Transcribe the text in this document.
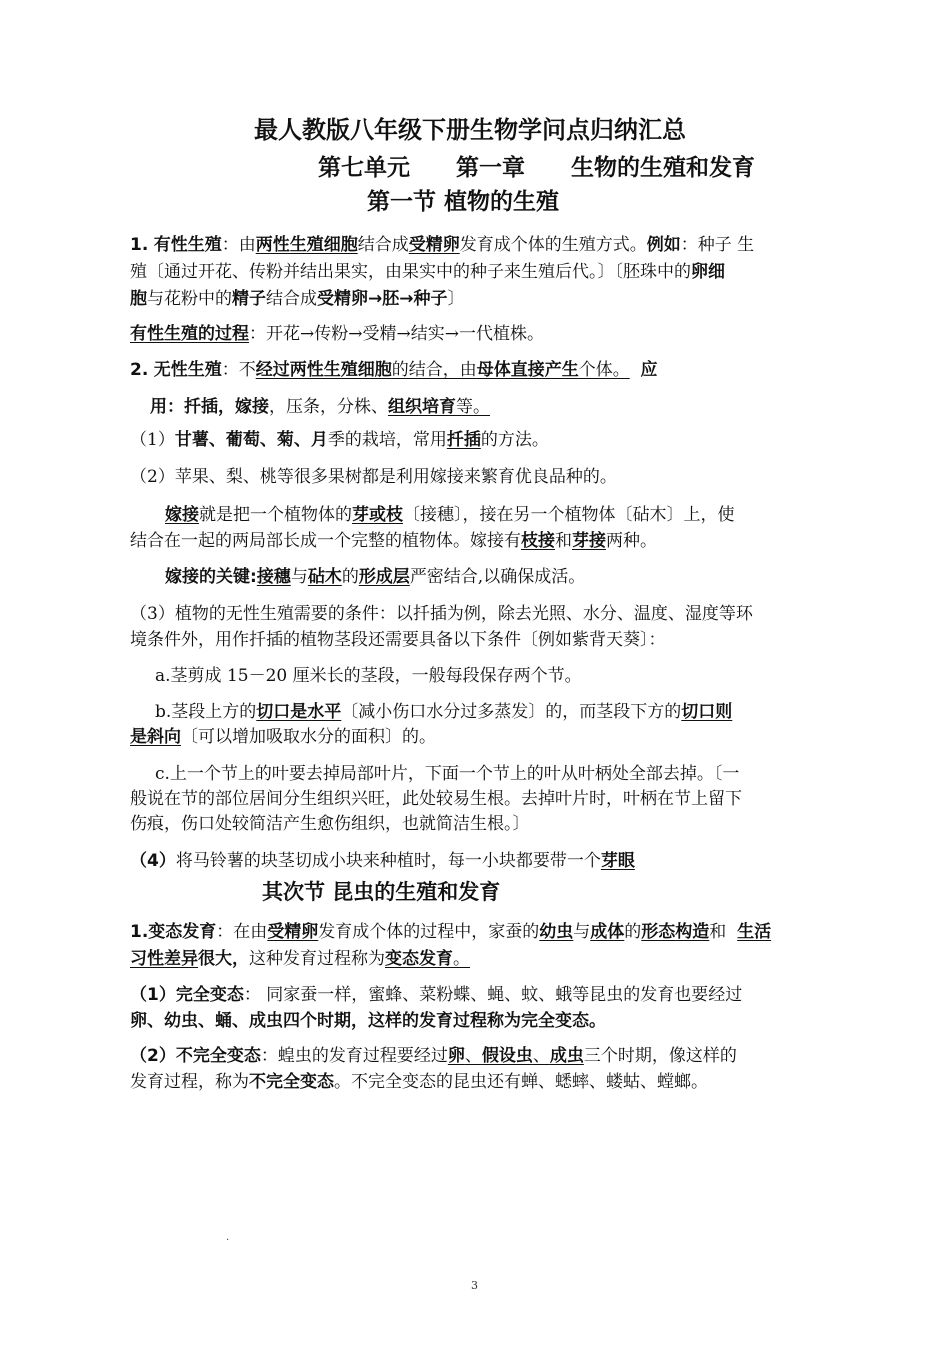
最人教版八年级下册生物学问点归纳汇总
第七单元　　第一章　　生物的生殖和发育
第一节 植物的生殖
1. 有性生殖：由两性生殖细胞结合成受精卵发育成个体的生殖方式。例如：种子 生
殖〔通过开花、传粉并结出果实，由果实中的种子来生殖后代。〕〔胚珠中的卵细
胞与花粉中的精子结合成受精卵→胚→种子〕
有性生殖的过程：开花→传粉→受精→结实→一代植株。
2. 无性生殖：不经过两性生殖细胞的结合，由母体直接产生个体。 应
用：扦插，嫁接，压条，分株、组织培育等。
（1）甘薯、葡萄、菊、月季的栽培，常用扦插的方法。
（2）苹果、梨、桃等很多果树都是利用嫁接来繁育优良品种的。
嫁接就是把一个植物体的芽或枝〔接穗〕，接在另一个植物体〔砧木〕上，使
结合在一起的两局部长成一个完整的植物体。嫁接有枝接和芽接两种。
嫁接的关键:接穗与砧木的形成层严密结合,以确保成活。
（3）植物的无性生殖需要的条件：以扦插为例，除去光照、水分、温度、湿度等环
境条件外，用作扦插的植物茎段还需要具备以下条件〔例如紫背天葵〕：
a.茎剪成 15－20 厘米长的茎段，一般每段保存两个节。
b.茎段上方的切口是水平〔减小伤口水分过多蒸发〕的，而茎段下方的切口则
是斜向〔可以增加吸取水分的面积〕的。
c.上一个节上的叶要去掉局部叶片，下面一个节上的叶从叶柄处全部去掉。〔一
般说在节的部位居间分生组织兴旺，此处较易生根。去掉叶片时，叶柄在节上留下
伤痕，伤口处较简洁产生愈伤组织，也就简洁生根。〕
（4）将马铃薯的块茎切成小块来种植时，每一小块都要带一个芽眼
其次节 昆虫的生殖和发育
1.变态发育：在由受精卵发育成个体的过程中，家蚕的幼虫与成体的形态构造和 生活
习性差异很大，这种发育过程称为变态发育。
（1）完全变态： 同家蚕一样，蜜蜂、菜粉蝶、蝇、蚊、蛾等昆虫的发育也要经过
卵、幼虫、蛹、成虫四个时期，这样的发育过程称为完全变态。
（2）不完全变态：蝗虫的发育过程要经过卵、假设虫、成虫三个时期，像这样的
发育过程，称为不完全变态。不完全变态的昆虫还有蝉、蟋蟀、蝼蛄、螳螂。
.
3
